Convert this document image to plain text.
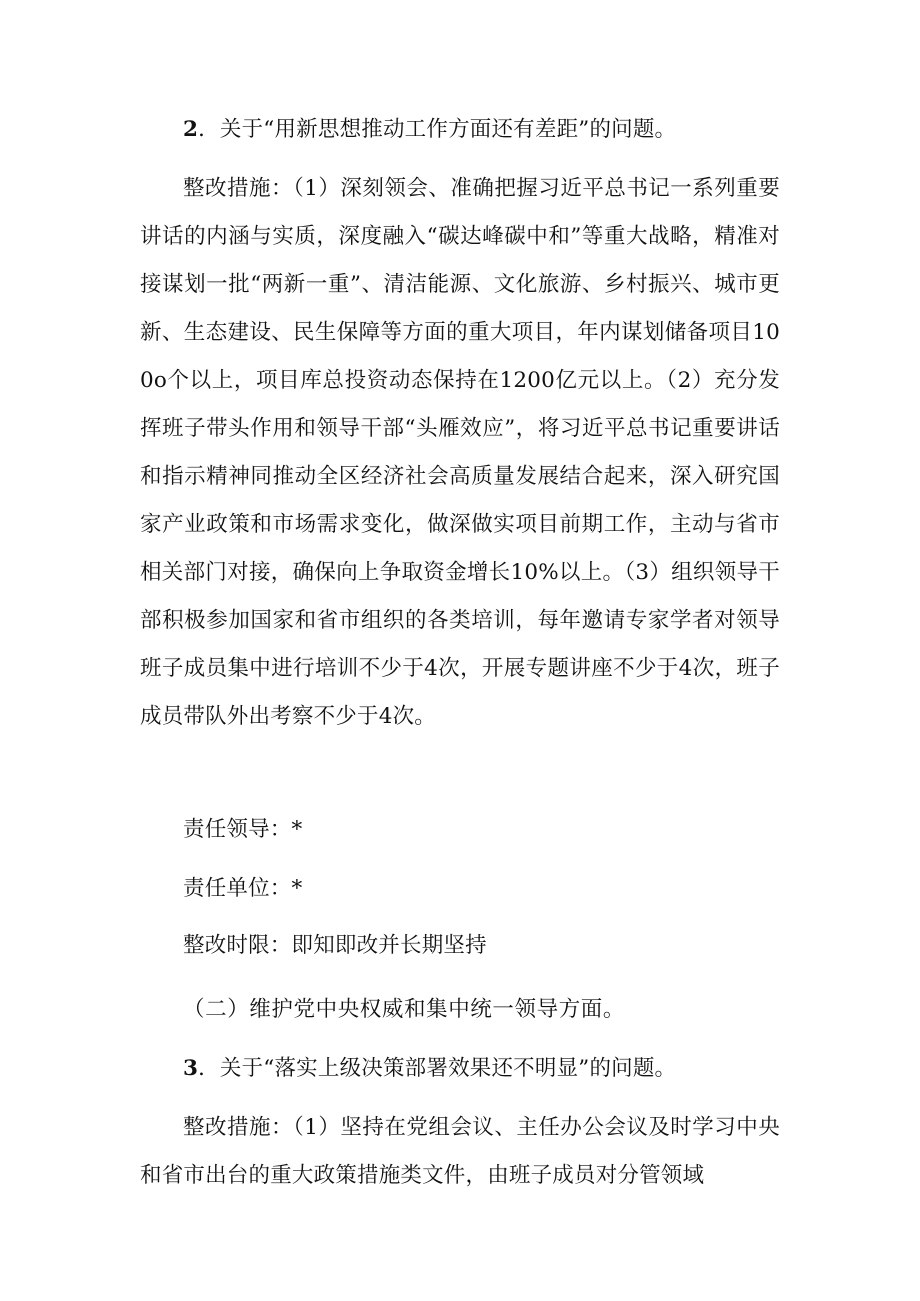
2．关于“用新思想推动工作方面还有差距”的问题。

整改措施：（1）深刻领会、准确把握习近平总书记一系列重要讲话的内涵与实质，深度融入“碳达峰碳中和”等重大战略，精准对接谋划一批“两新一重”、清洁能源、文化旅游、乡村振兴、城市更新、生态建设、民生保障等方面的重大项目，年内谋划储备项目100o个以上，项目库总投资动态保持在1200亿元以上。（2）充分发挥班子带头作用和领导干部“头雁效应”，将习近平总书记重要讲话和指示精神同推动全区经济社会高质量发展结合起来，深入研究国家产业政策和市场需求变化，做深做实项目前期工作，主动与省市相关部门对接，确保向上争取资金增长10%以上。（3）组织领导干部积极参加国家和省市组织的各类培训，每年邀请专家学者对领导班子成员集中进行培训不少于4次，开展专题讲座不少于4次，班子成员带队外出考察不少于4次。

责任领导：*

责任单位：*

整改时限：即知即改并长期坚持

（二）维护党中央权威和集中统一领导方面。

3．关于“落实上级决策部署效果还不明显”的问题。

整改措施：（1）坚持在党组会议、主任办公会议及时学习中央和省市出台的重大政策措施类文件，由班子成员对分管领域
